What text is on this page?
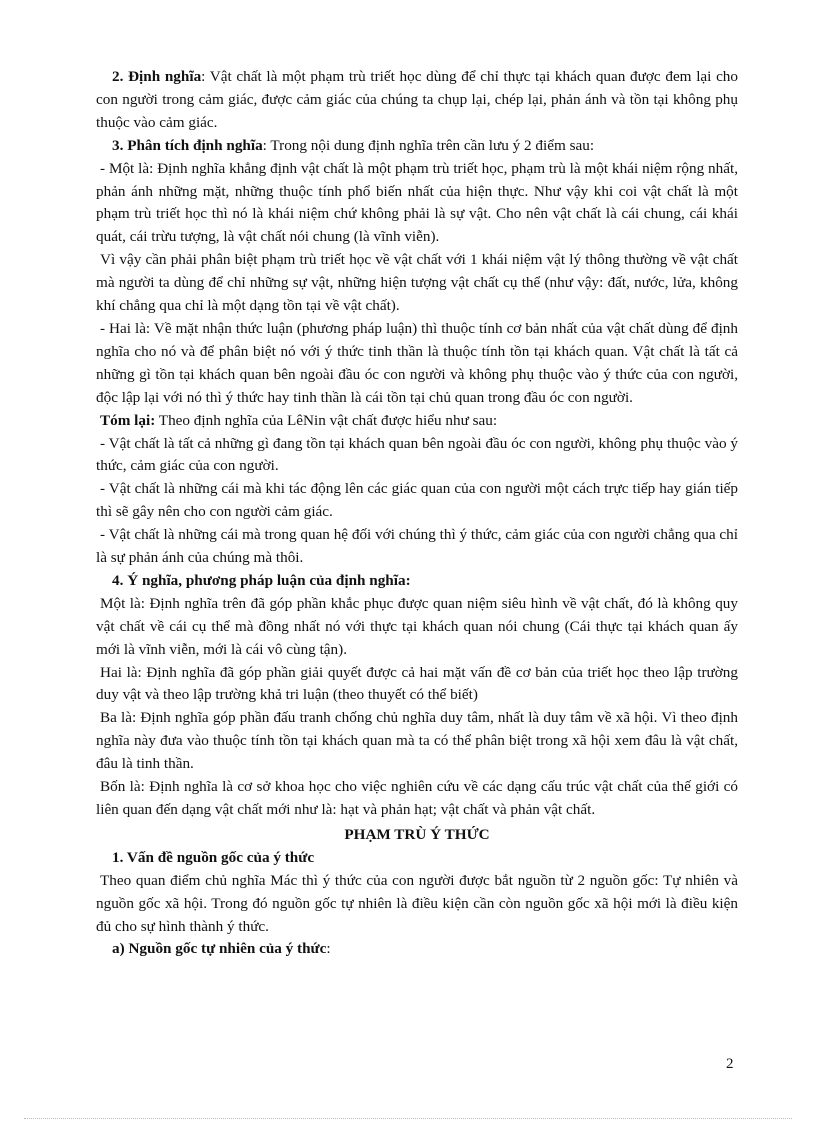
2. Định nghĩa: Vật chất là một phạm trù triết học dùng để chỉ thực tại khách quan được đem lại cho con người trong cảm giác, được cảm giác của chúng ta chụp lại, chép lại, phản ánh và tồn tại không phụ thuộc vào cảm giác.

3. Phân tích định nghĩa: Trong nội dung định nghĩa trên cần lưu ý 2 điểm sau:

- Một là: Định nghĩa khẳng định vật chất là một phạm trù triết học, phạm trù là một khái niệm rộng nhất, phản ánh những mặt, những thuộc tính phổ biến nhất của hiện thực. Như vậy khi coi vật chất là một phạm trù triết học thì nó là khái niệm chứ không phải là sự vật. Cho nên vật chất là cái chung, cái khái quát, cái trừu tượng, là vật chất nói chung (là vĩnh viễn).

Vì vậy cần phải phân biệt phạm trù triết học về vật chất với 1 khái niệm vật lý thông thường về vật chất mà người ta dùng để chỉ những sự vật, những hiện tượng vật chất cụ thể (như vậy: đất, nước, lửa, không khí chẳng qua chỉ là một dạng tồn tại về vật chất).

- Hai là: Về mặt nhận thức luận (phương pháp luận) thì thuộc tính cơ bản nhất của vật chất dùng để định nghĩa cho nó và để phân biệt nó với ý thức tinh thần là thuộc tính tồn tại khách quan. Vật chất là tất cả những gì tồn tại khách quan bên ngoài đầu óc con người và không phụ thuộc vào ý thức của con người, độc lập lại với nó thì ý thức hay tinh thần là cái tồn tại chủ quan trong đầu óc con người.

Tóm lại: Theo định nghĩa của LêNin vật chất được hiểu như sau:

- Vật chất là tất cả những gì đang tồn tại khách quan bên ngoài đầu óc con người, không phụ thuộc vào ý thức, cảm giác của con người.

- Vật chất là những cái mà khi tác động lên các giác quan của con người một cách trực tiếp hay gián tiếp thì sẽ gây nên cho con người cảm giác.

- Vật chất là những cái mà trong quan hệ đối với chúng thì ý thức, cảm giác của con người chẳng qua chỉ là sự phản ánh của chúng mà thôi.

4. Ý nghĩa, phương pháp luận của định nghĩa:

Một là: Định nghĩa trên đã góp phần khắc phục được quan niệm siêu hình về vật chất, đó là không quy vật chất về cái cụ thể mà đồng nhất nó với thực tại khách quan nói chung (Cái thực tại khách quan ấy mới là vĩnh viễn, mới là cái vô cùng tận).

Hai là: Định nghĩa đã góp phần giải quyết được cả hai mặt vấn đề cơ bản của triết học theo lập trường duy vật và theo lập trường khả tri luận (theo thuyết có thể biết)

Ba là: Định nghĩa góp phần đấu tranh chống chủ nghĩa duy tâm, nhất là duy tâm về xã hội. Vì theo định nghĩa này đưa vào thuộc tính tồn tại khách quan mà ta có thể phân biệt trong xã hội xem đâu là vật chất, đâu là tinh thần.

Bốn là: Định nghĩa là cơ sở khoa học cho việc nghiên cứu về các dạng cấu trúc vật chất của thế giới có liên quan đến dạng vật chất mới như là: hạt và phản hạt; vật chất và phản vật chất.

PHẠM TRÙ Ý THỨC

1. Vấn đề nguồn gốc của ý thức

Theo quan điểm chủ nghĩa Mác thì ý thức của con người được bắt nguồn từ 2 nguồn gốc: Tự nhiên và nguồn gốc xã hội. Trong đó nguồn gốc tự nhiên là điều kiện cần còn nguồn gốc xã hội mới là điều kiện đủ cho sự hình thành ý thức.

a) Nguồn gốc tự nhiên của ý thức:

2
